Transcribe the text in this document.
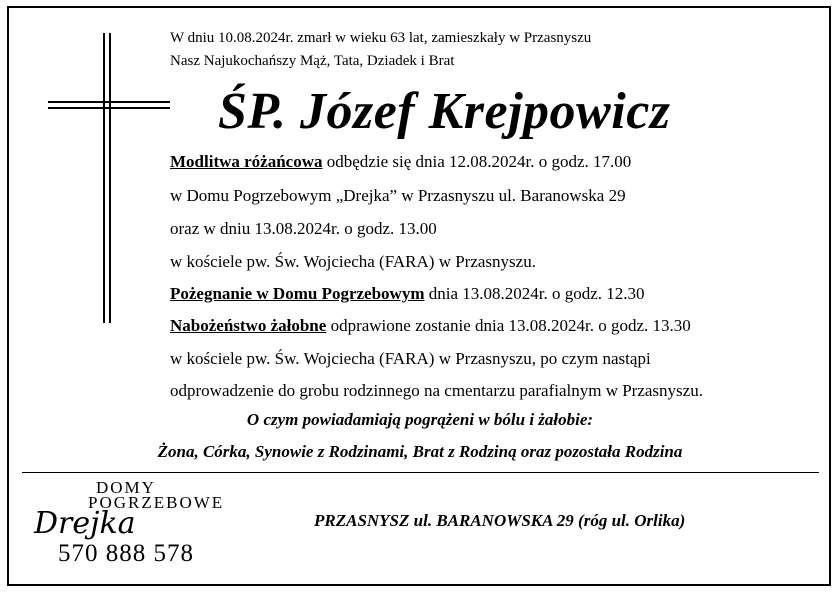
W dniu 10.08.2024r. zmarł w wieku 63 lat, zamieszkały w Przasnyszu
Nasz Najukochańszy Mąż, Tata, Dziadek i Brat
ŚP. Józef Krejpowicz
Modlitwa różańcowa odbędzie się dnia 12.08.2024r. o godz. 17.00
w Domu Pogrzebowym „Drejka” w Przasnyszu ul. Baranowska 29
oraz w dniu 13.08.2024r. o godz. 13.00
w kościele pw. Św. Wojciecha (FARA) w Przasnyszu.
Pożegnanie w Domu Pogrzebowym dnia 13.08.2024r. o godz. 12.30
Nabożeństwo żałobne odprawione zostanie dnia 13.08.2024r. o godz. 13.30
w kościele pw. Św. Wojciecha (FARA) w Przasnyszu, po czym nastąpi
odprowadzenie do grobu rodzinnego na cmentarzu parafialnym w Przasnyszu.
O czym powiadamiają pogrążeni w bólu i żałobie:
Żona, Córka, Synowie z Rodzinami, Brat z Rodziną oraz pozostała Rodzina
DOMY
POGRZEBOWE
Drejka
570 888 578
PRZASNYSZ ul. BARANOWSKA 29 (róg ul. Orlika)
